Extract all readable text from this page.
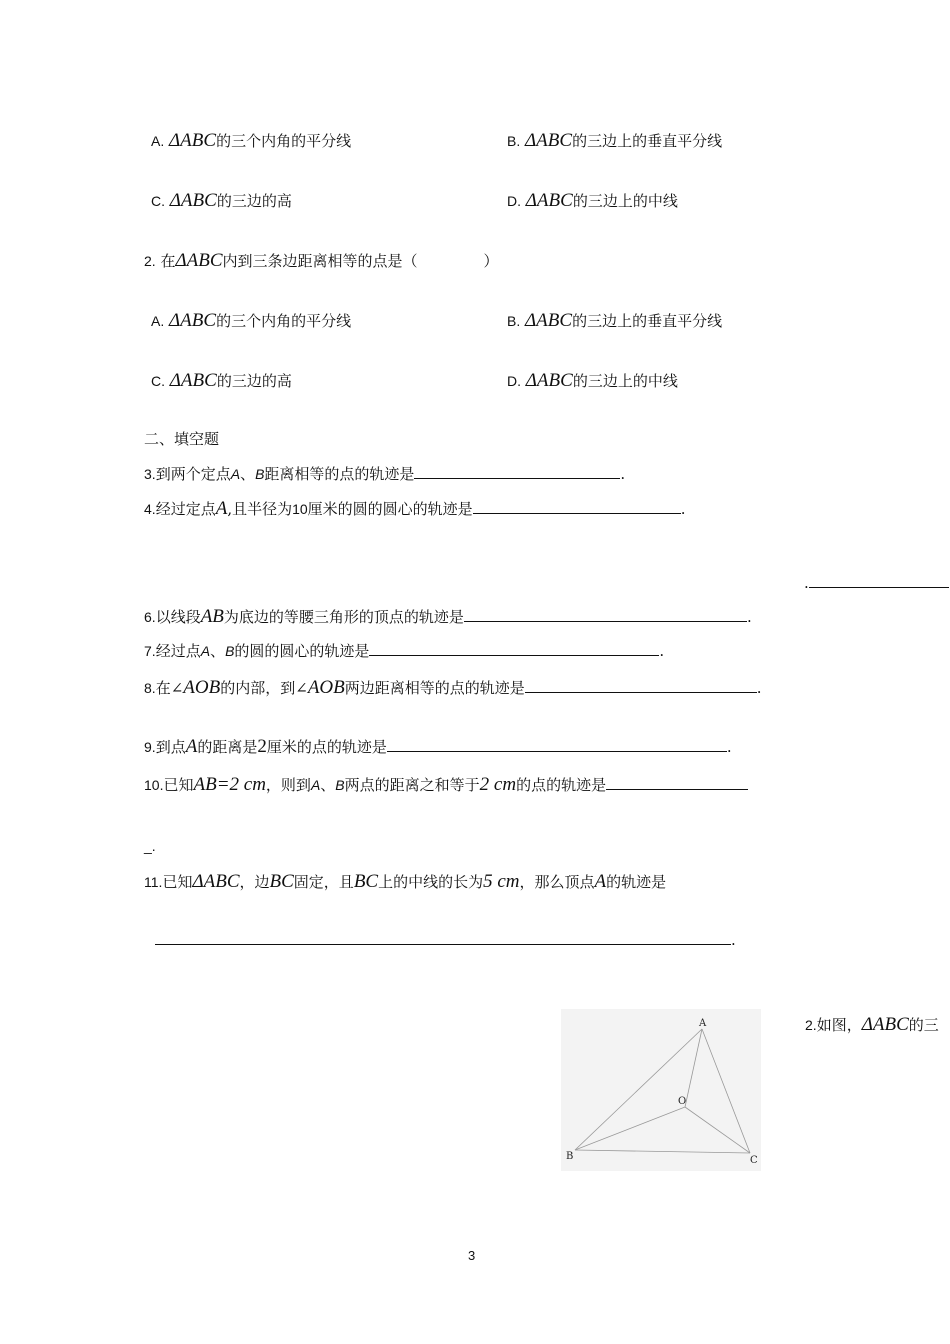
A. ΔABC的三个内角的平分线	B. ΔABC的三边上的垂直平分线
C. ΔABC的三边的高	D. ΔABC的三边上的中线
2. 在ΔABC内到三条边距离相等的点是（	）
A. ΔABC的三个内角的平分线	B. ΔABC的三边上的垂直平分线
C. ΔABC的三边的高	D. ΔABC的三边上的中线
二、填空题
3.到两个定点A、B距离相等的点的轨迹是	.
4.经过定点A,且半径为10厘米的圆的圆心的轨迹是	.
.
6.以线段AB为底边的等腰三角形的顶点的轨迹是	.
7.经过点A、B的圆的圆心的轨迹是	.
8.在∠AOB的内部，到∠AOB两边距离相等的点的轨迹是	.
9.到点A的距离是2厘米的点的轨迹是	.
10.已知AB=2 cm，则到A、B两点的距离之和等于2 cm的点的轨迹是
_.
11.已知ΔABC，边BC固定，且BC上的中线的长为5 cm，那么顶点A的轨迹是
.
A
B	C
O
2.如图，ΔABC的三
3
